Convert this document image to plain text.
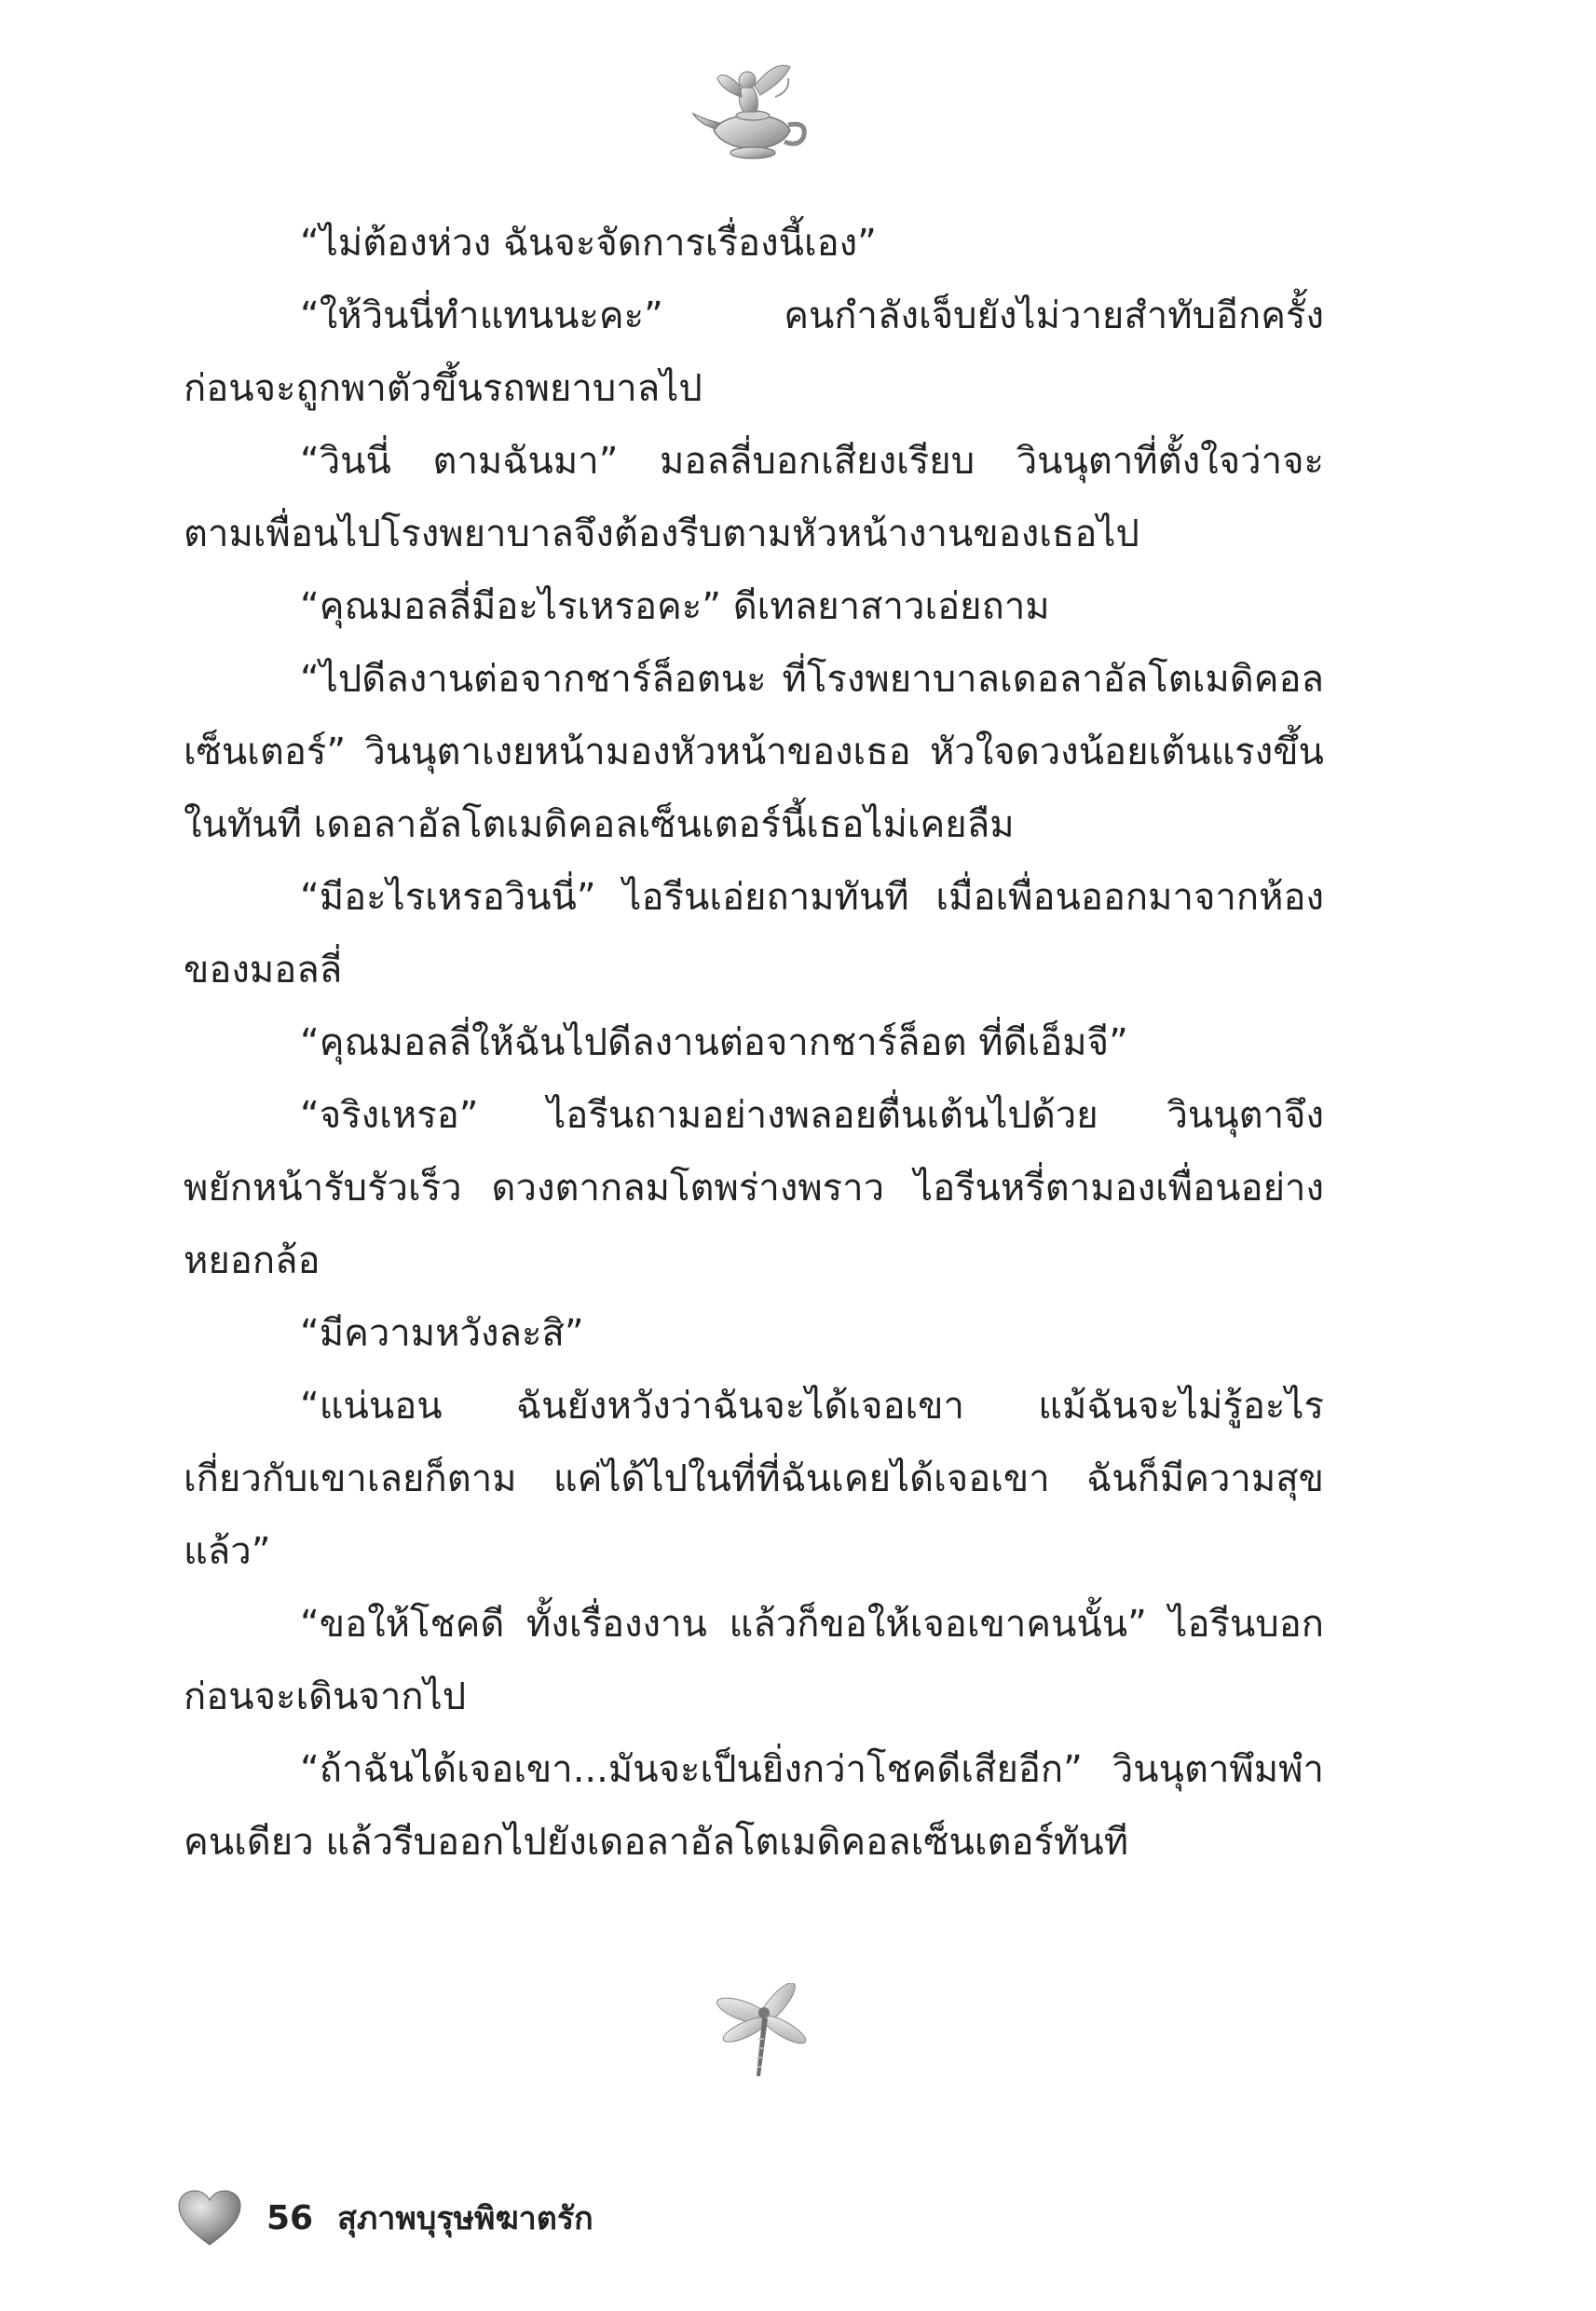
“ไม่ต้องห่วง ฉันจะจัดการเรื่องนี้เอง”
“ให้วินนี่ทำแทนนะคะ” คนกำลังเจ็บยังไม่วายสำทับอีกครั้ง
ก่อนจะถูกพาตัวขึ้นรถพยาบาลไป
“วินนี่ ตามฉันมา” มอลลี่บอกเสียงเรียบ วินนุตาที่ตั้งใจว่าจะ
ตามเพื่อนไปโรงพยาบาลจึงต้องรีบตามหัวหน้างานของเธอไป
“คุณมอลลี่มีอะไรเหรอคะ” ดีเทลยาสาวเอ่ยถาม
“ไปดีลงานต่อจากชาร์ล็อตนะ ที่โรงพยาบาลเดอลาอัลโตเมดิคอล
เซ็นเตอร์” วินนุตาเงยหน้ามองหัวหน้าของเธอ หัวใจดวงน้อยเต้นแรงขึ้น
ในทันที เดอลาอัลโตเมดิคอลเซ็นเตอร์นี้เธอไม่เคยลืม
“มีอะไรเหรอวินนี่” ไอรีนเอ่ยถามทันที เมื่อเพื่อนออกมาจากห้อง
ของมอลลี่
“คุณมอลลี่ให้ฉันไปดีลงานต่อจากชาร์ล็อต ที่ดีเอ็มจี”
“จริงเหรอ” ไอรีนถามอย่างพลอยตื่นเต้นไปด้วย วินนุตาจึง
พยักหน้ารับรัวเร็ว ดวงตากลมโตพร่างพราว ไอรีนหรี่ตามองเพื่อนอย่าง
หยอกล้อ
“มีความหวังละสิ”
“แน่นอน ฉันยังหวังว่าฉันจะได้เจอเขา แม้ฉันจะไม่รู้อะไร
เกี่ยวกับเขาเลยก็ตาม แค่ได้ไปในที่ที่ฉันเคยได้เจอเขา ฉันก็มีความสุข
แล้ว”
“ขอให้โชคดี ทั้งเรื่องงาน แล้วก็ขอให้เจอเขาคนนั้น” ไอรีนบอก
ก่อนจะเดินจากไป
“ถ้าฉันได้เจอเขา...มันจะเป็นยิ่งกว่าโชคดีเสียอีก” วินนุตาพึมพำ
คนเดียว แล้วรีบออกไปยังเดอลาอัลโตเมดิคอลเซ็นเตอร์ทันที
56 สุภาพบุรุษพิฆาตรัก
